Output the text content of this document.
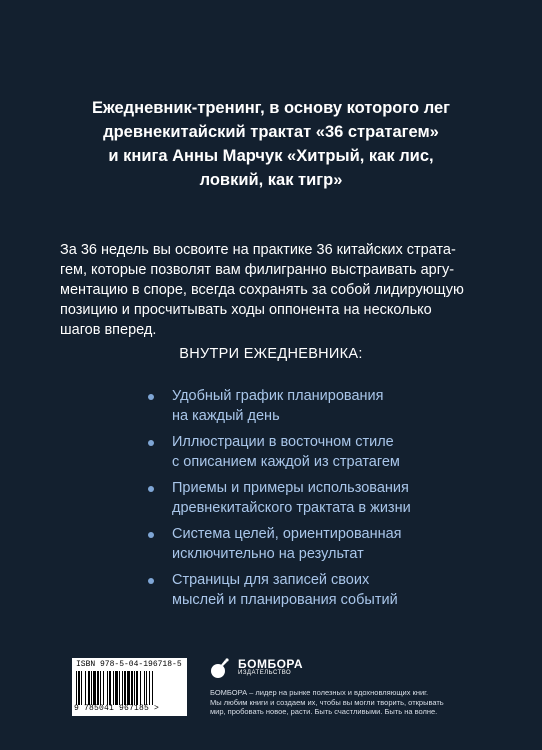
Ежедневник-тренинг, в основу которого лег
древнекитайский трактат «36 стратагем»
и книга Анны Марчук «Хитрый, как лис,
ловкий, как тигр»
За 36 недель вы освоите на практике 36 китайских страта-
гем, которые позволят вам филигранно выстраивать аргу-
ментацию в споре, всегда сохранять за собой лидирующую
позицию и просчитывать ходы оппонента на несколько
шагов вперед.
ВНУТРИ ЕЖЕДНЕВНИКА:
Удобный график планирования
на каждый день
Иллюстрации в восточном стиле
с описанием каждой из стратагем
Приемы и примеры использования
древнекитайского трактата в жизни
Система целей, ориентированная
исключительно на результат
Страницы для записей своих
мыслей и планирования событий
ISBN 978-5-04-196718-5
9 785041 967185 >
БОМБОРА
ИЗДАТЕЛЬСТВО
БОМБОРА – лидер на рынке полезных и вдохновляющих книг.
Мы любим книги и создаем их, чтобы вы могли творить, открывать
мир, пробовать новое, расти. Быть счастливыми. Быть на волне.
